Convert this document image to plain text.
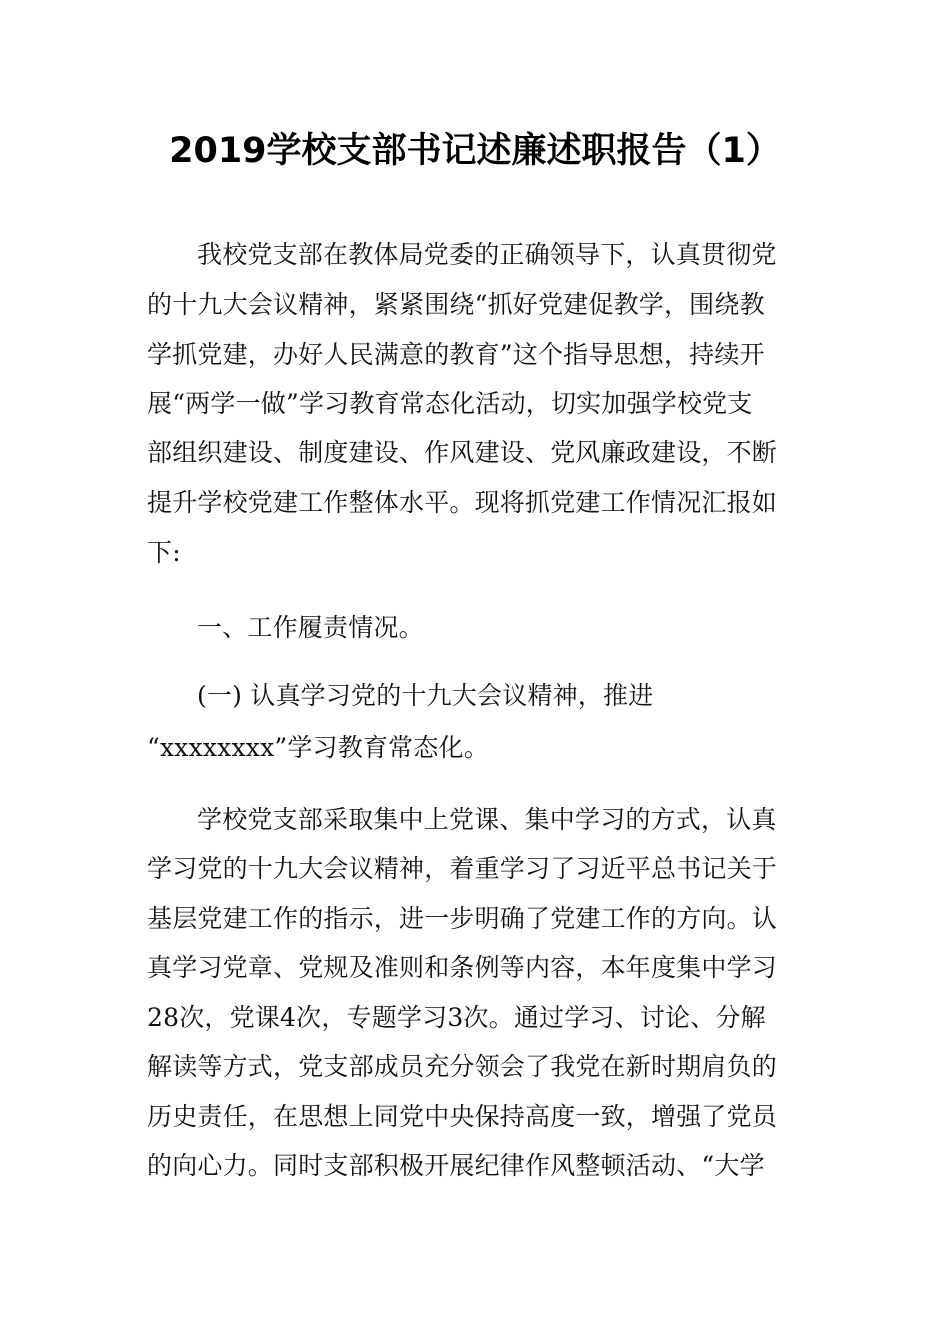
2019学校支部书记述廉述职报告（1）
我校党支部在教体局党委的正确领导下，认真贯彻党
的十九大会议精神，紧紧围绕“抓好党建促教学，围绕教
学抓党建，办好人民满意的教育”这个指导思想，持续开
展“两学一做”学习教育常态化活动，切实加强学校党支
部组织建设、制度建设、作风建设、党风廉政建设，不断
提升学校党建工作整体水平。现将抓党建工作情况汇报如
下:
一、工作履责情况。
(一) 认真学习党的十九大会议精神，推进
“xxxxxxxx”学习教育常态化。
学校党支部采取集中上党课、集中学习的方式，认真
学习党的十九大会议精神，着重学习了习近平总书记关于
基层党建工作的指示，进一步明确了党建工作的方向。认
真学习党章、党规及准则和条例等内容，本年度集中学习
28次，党课4次，专题学习3次。通过学习、讨论、分解
解读等方式，党支部成员充分领会了我党在新时期肩负的
历史责任，在思想上同党中央保持高度一致，增强了党员
的向心力。同时支部积极开展纪律作风整顿活动、“大学
